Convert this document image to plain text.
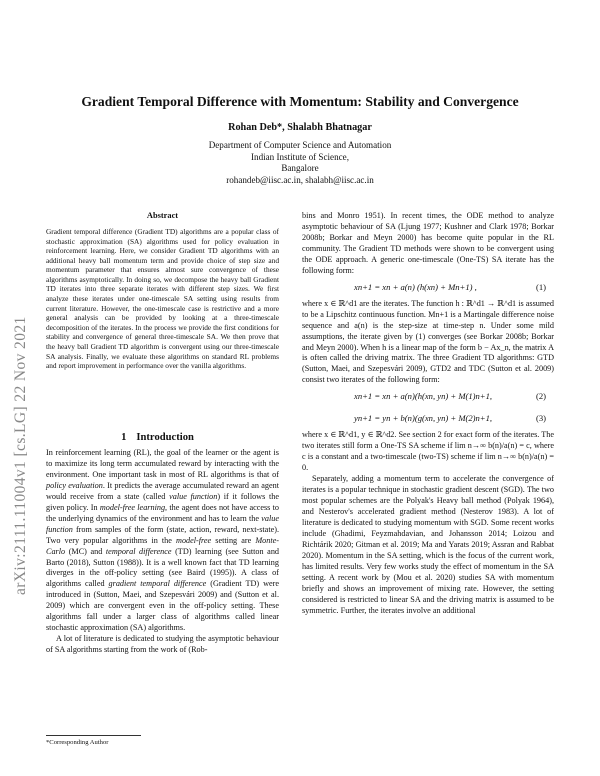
arXiv:2111.11004v1 [cs.LG] 22 Nov 2021
Gradient Temporal Difference with Momentum: Stability and Convergence
Rohan Deb*, Shalabh Bhatnagar
Department of Computer Science and Automation
Indian Institute of Science,
Bangalore
rohandeb@iisc.ac.in, shalabh@iisc.ac.in
Abstract

Gradient temporal difference (Gradient TD) algorithms are a popular class of stochastic approximation (SA) algorithms used for policy evaluation in reinforcement learning. Here, we consider Gradient TD algorithms with an additional heavy ball momentum term and provide choice of step size and momentum parameter that ensures almost sure convergence of these algorithms asymptotically. In doing so, we decompose the heavy ball Gradient TD iterates into three separate iterates with different step sizes. We first analyze these iterates under one-timescale SA setting using results from current literature. However, the one-timescale case is restrictive and a more general analysis can be provided by looking at a three-timescale decomposition of the iterates. In the process we provide the first conditions for stability and convergence of general three-timescale SA. We then prove that the heavy ball Gradient TD algorithm is convergent using our three-timescale SA analysis. Finally, we evaluate these algorithms on standard RL problems and report improvement in performance over the vanilla algorithms.

1 Introduction

In reinforcement learning (RL), the goal of the learner or the agent is to maximize its long term accumulated reward by interacting with the environment. One important task in most of RL algorithms is that of policy evaluation. It predicts the average accumulated reward an agent would receive from a state (called value function) if it follows the given policy. In model-free learning, the agent does not have access to the underlying dynamics of the environment and has to learn the value function from samples of the form (state, action, reward, next-state). Two very popular algorithms in the model-free setting are Monte-Carlo (MC) and temporal difference (TD) learning (see Sutton and Barto (2018), Sutton (1988)). It is a well known fact that TD learning diverges in the off-policy setting (see Baird (1995)). A class of algorithms called gradient temporal difference (Gradient TD) were introduced in (Sutton, Maei, and Szepesvári 2009) and (Sutton et al. 2009) which are convergent even in the off-policy setting. These algorithms fall under a larger class of algorithms called linear stochastic approximation (SA) algorithms.

A lot of literature is dedicated to studying the asymptotic behaviour of SA algorithms starting from the work of (Rob-

*Corresponding Author

bins and Monro 1951). In recent times, the ODE method to analyze asymptotic behaviour of SA (Ljung 1977; Kushner and Clark 1978; Borkar 2008b; Borkar and Meyn 2000) has become quite popular in the RL community. The Gradient TD methods were shown to be convergent using the ODE approach. A generic one-timescale (One-TS) SA iterate has the following form:

xn+1 = xn + a(n) (h(xn) + Mn+1) ,	(1)

where x ∈ ℝ^d1 are the iterates. The function h : ℝ^d1 → ℝ^d1 is assumed to be a Lipschitz continuous function. Mn+1 is a Martingale difference noise sequence and a(n) is the step-size at time-step n. Under some mild assumptions, the iterate given by (1) converges (see Borkar 2008b; Borkar and Meyn 2000). When h is a linear map of the form b − Ax_n, the matrix A is often called the driving matrix. The three Gradient TD algorithms: GTD (Sutton, Maei, and Szepesvári 2009), GTD2 and TDC (Sutton et al. 2009) consist two iterates of the following form:

xn+1 = xn + a(n)(h(xn, yn) + M(1)n+1,	(2)
yn+1 = yn + b(n)(g(xn, yn) + M(2)n+1,	(3)

where x ∈ ℝ^d1, y ∈ ℝ^d2. See section 2 for exact form of the iterates. The two iterates still form a One-TS SA scheme if lim n→∞ b(n)/a(n) = c, where c is a constant and a two-timescale (two-TS) scheme if lim n→∞ b(n)/a(n) = 0.

Separately, adding a momentum term to accelerate the convergence of iterates is a popular technique in stochastic gradient descent (SGD). The two most popular schemes are the Polyak's Heavy ball method (Polyak 1964), and Nesterov's accelerated gradient method (Nesterov 1983). A lot of literature is dedicated to studying momentum with SGD. Some recent works include (Ghadimi, Feyzmahdavian, and Johansson 2014; Loizou and Richtárik 2020; Gitman et al. 2019; Ma and Yarats 2019; Assran and Rabbat 2020). Momentum in the SA setting, which is the focus of the current work, has limited results. Very few works study the effect of momentum in the SA setting. A recent work by (Mou et al. 2020) studies SA with momentum briefly and shows an improvement of mixing rate. However, the setting considered is restricted to linear SA and the driving matrix is assumed to be symmetric. Further, the iterates involve an additional
